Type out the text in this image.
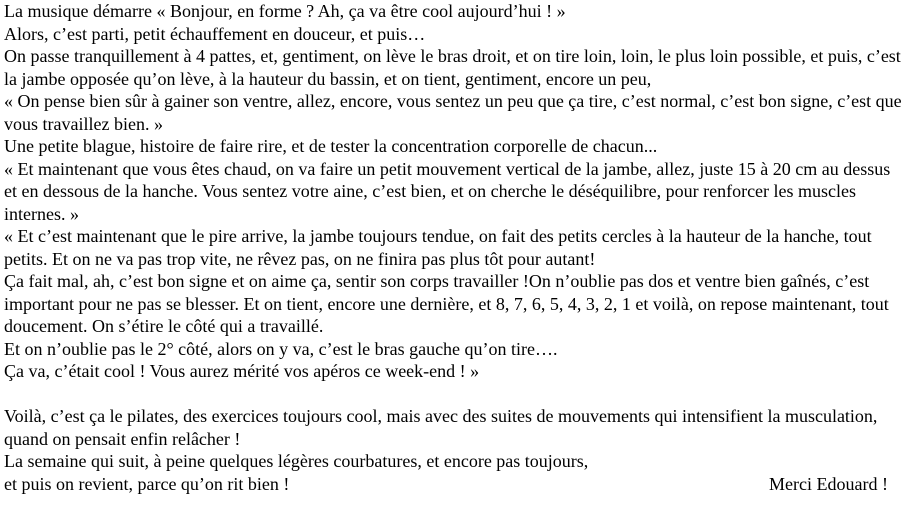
La musique démarre « Bonjour, en forme ? Ah, ça va être cool aujourd’hui ! »

Alors, c’est parti, petit échauffement en douceur, et puis…

On passe tranquillement à 4 pattes, et, gentiment, on lève le bras droit, et on tire loin, loin, le plus loin possible, et puis, c’est la jambe opposée qu’on lève, à la hauteur du bassin, et on tient, gentiment, encore un peu,

« On pense bien sûr à gainer son ventre, allez, encore, vous sentez un peu que ça tire, c’est normal, c’est bon signe, c’est que vous travaillez bien. »

Une petite blague, histoire de faire rire, et de tester la concentration corporelle de chacun...

« Et maintenant que vous êtes chaud, on va faire un petit mouvement vertical de la jambe, allez, juste 15 à 20 cm au dessus et en dessous de la hanche. Vous sentez votre aine, c’est bien, et on cherche le déséquilibre, pour renforcer les muscles internes. »

« Et c’est maintenant que le pire arrive, la jambe toujours tendue, on fait des petits cercles à la hauteur de la hanche, tout petits. Et on ne va pas trop vite, ne rêvez pas, on ne finira pas plus tôt pour autant!

Ça fait mal, ah, c’est bon signe et on aime ça, sentir son corps travailler !On n’oublie pas dos et ventre bien gaînés, c’est important pour ne pas se blesser. Et on tient, encore une dernière, et 8, 7, 6, 5, 4, 3, 2, 1 et voilà, on repose maintenant, tout doucement. On s’étire le côté qui a travaillé.

Et on n’oublie pas le 2° côté, alors on y va, c’est le bras gauche qu’on tire….

Ça va, c’était cool ! Vous aurez mérité vos apéros ce week-end ! »

Voilà, c’est ça le pilates, des exercices toujours cool, mais avec des suites de mouvements qui intensifient la musculation, quand on pensait enfin relâcher !

La semaine qui suit, à peine quelques légères courbatures, et encore pas toujours,

et puis on revient, parce qu’on rit bien !	Merci Edouard !
